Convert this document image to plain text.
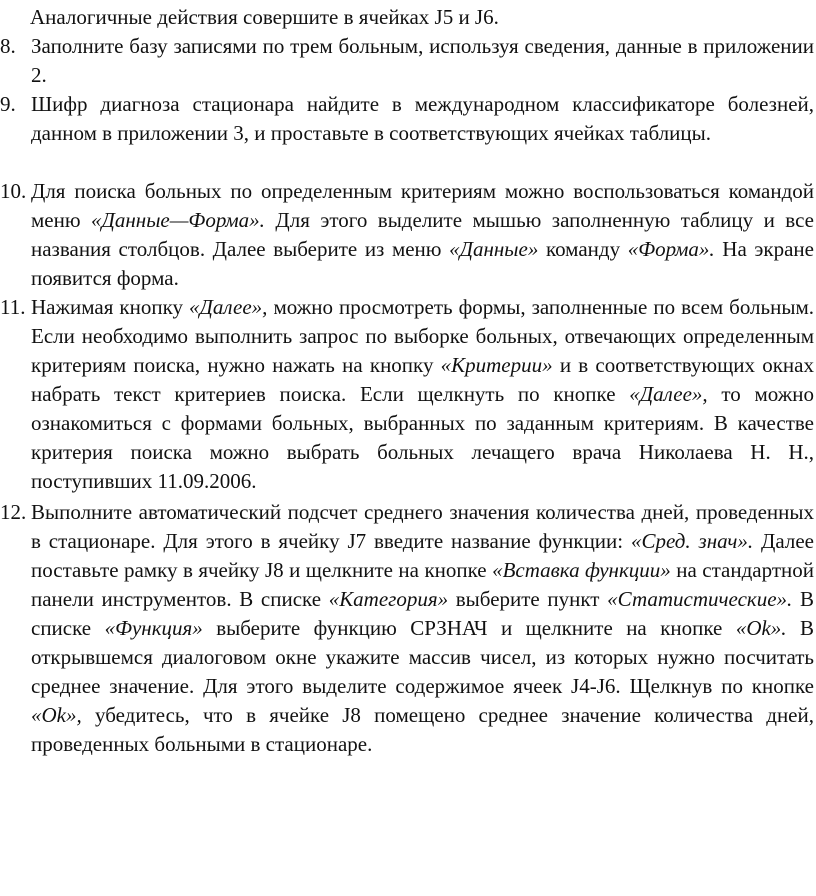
Аналогичные действия совершите в ячейках J5 и J6.
8. Заполните базу записями по трем больным, используя сведения, данные в приложении 2.
9. Шифр диагноза стационара найдите в международном классификаторе болезней, данном в приложении 3, и проставьте в соответствующих ячейках таблицы.
10. Для поиска больных по определенным критериям можно воспользоваться командой меню «Данные—Форма». Для этого выделите мышью заполненную таблицу и все названия столбцов. Далее выберите из меню «Данные» команду «Форма». На экране появится форма.
11. Нажимая кнопку «Далее», можно просмотреть формы, заполненные по всем больным. Если необходимо выполнить запрос по выборке больных, отвечающих определенным критериям поиска, нужно нажать на кнопку «Критерии» и в соответствующих окнах набрать текст критериев поиска. Если щелкнуть по кнопке «Далее», то можно ознакомиться с формами больных, выбранных по заданным критериям. В качестве критерия поиска можно выбрать больных лечащего врача Николаева Н. Н., поступивших 11.09.2006.
12. Выполните автоматический подсчет среднего значения количества дней, проведенных в стационаре. Для этого в ячейку J7 введите название функции: «Сред. знач». Далее поставьте рамку в ячейку J8 и щелкните на кнопке «Вставка функции» на стандартной панели инструментов. В списке «Категория» выберите пункт «Статистические». В списке «Функция» выберите функцию СРЗНАЧ и щелкните на кнопке «Ok». В открывшемся диалоговом окне укажите массив чисел, из которых нужно посчитать среднее значение. Для этого выделите содержимое ячеек J4-J6. Щелкнув по кнопке «Ok», убедитесь, что в ячейке J8 помещено среднее значение количества дней, проведенных больными в стационаре.
